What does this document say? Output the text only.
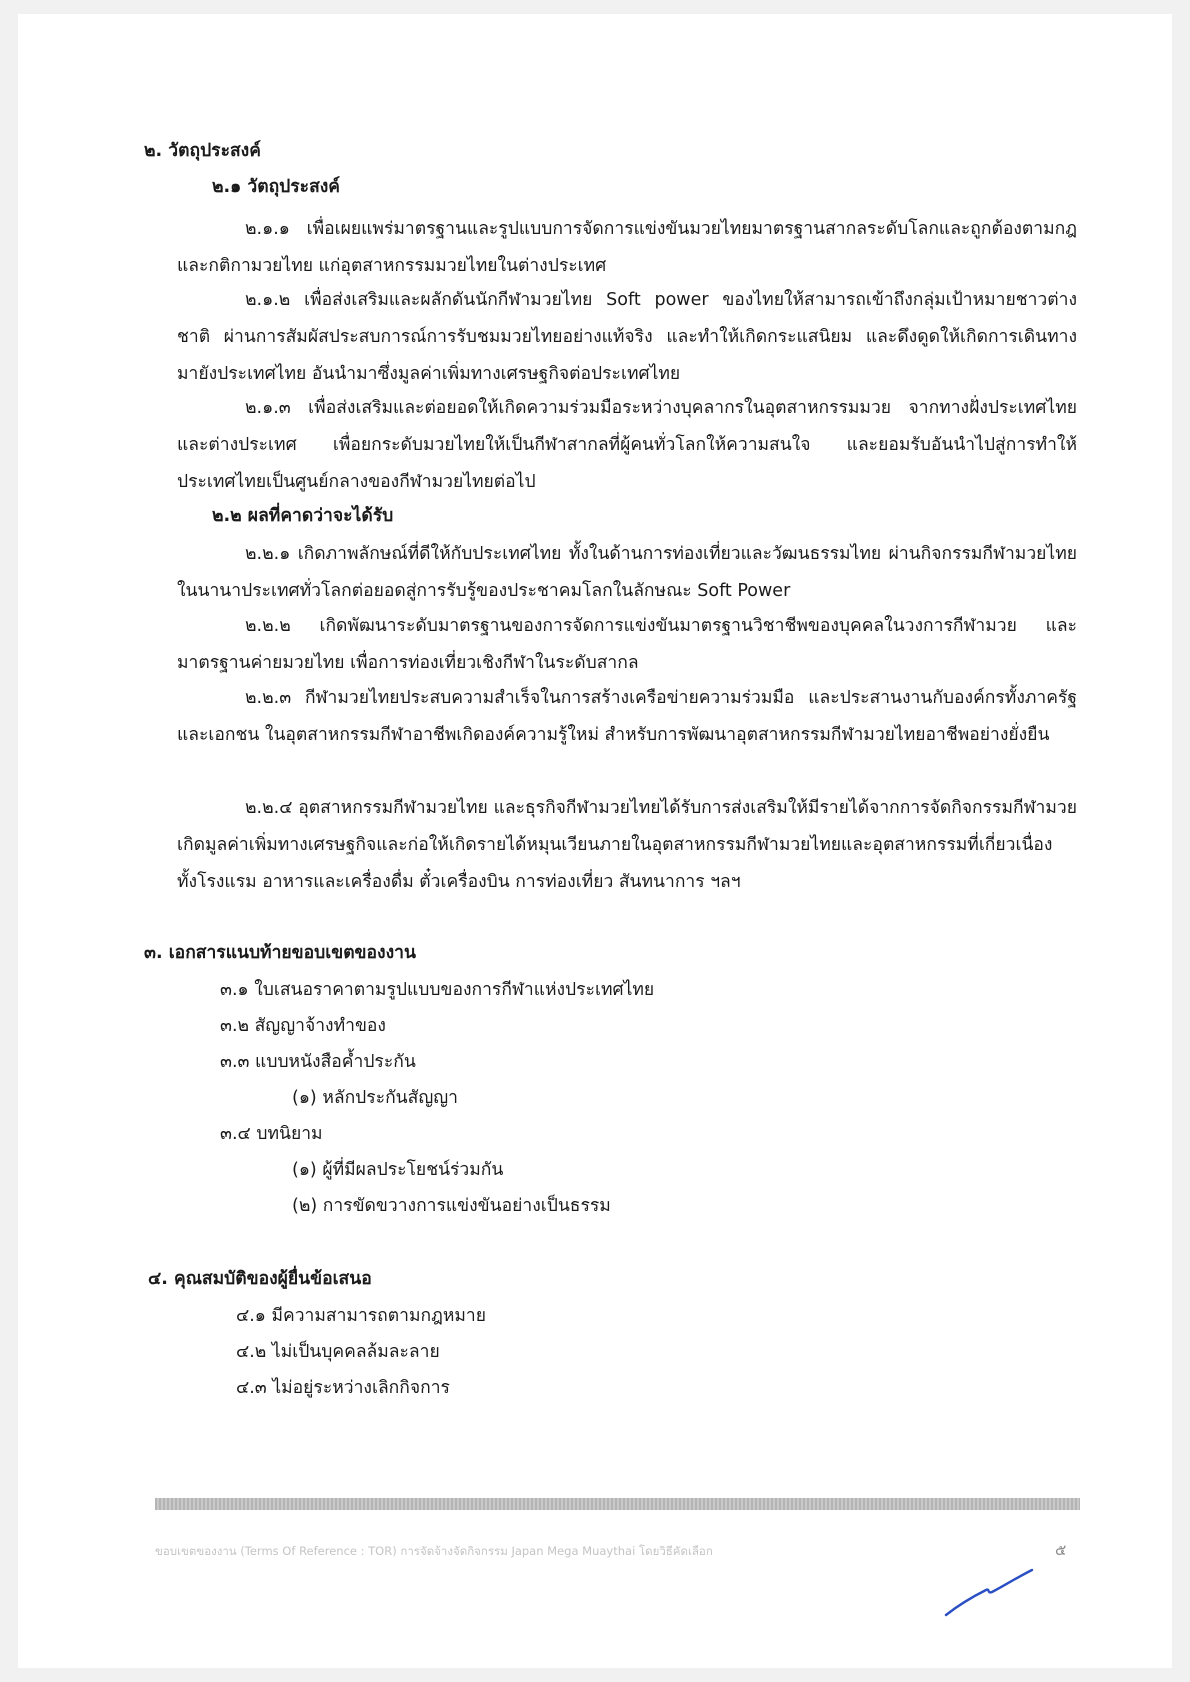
๒. วัตถุประสงค์
๒.๑ วัตถุประสงค์
๒.๑.๑ เพื่อเผยแพร่มาตรฐานและรูปแบบการจัดการแข่งขันมวยไทยมาตรฐานสากลระดับโลกและถูกต้องตามกฎและกติกามวยไทย แก่อุตสาหกรรมมวยไทยในต่างประเทศ
๒.๑.๒ เพื่อส่งเสริมและผลักดันนักกีฬามวยไทย Soft power ของไทยให้สามารถเข้าถึงกลุ่มเป้าหมายชาวต่างชาติ ผ่านการสัมผัสประสบการณ์การรับชมมวยไทยอย่างแท้จริง และทำให้เกิดกระแสนิยม และดึงดูดให้เกิดการเดินทางมายังประเทศไทย อันนำมาซึ่งมูลค่าเพิ่มทางเศรษฐกิจต่อประเทศไทย
๒.๑.๓ เพื่อส่งเสริมและต่อยอดให้เกิดความร่วมมือระหว่างบุคลากรในอุตสาหกรรมมวย จากทางฝั่งประเทศไทย และต่างประเทศ เพื่อยกระดับมวยไทยให้เป็นกีฬาสากลที่ผู้คนทั่วโลกให้ความสนใจ และยอมรับอันนำไปสู่การทำให้ประเทศไทยเป็นศูนย์กลางของกีฬามวยไทยต่อไป
๒.๒ ผลที่คาดว่าจะได้รับ
๒.๒.๑ เกิดภาพลักษณ์ที่ดีให้กับประเทศไทย ทั้งในด้านการท่องเที่ยวและวัฒนธรรมไทย ผ่านกิจกรรมกีฬามวยไทยในนานาประเทศทั่วโลกต่อยอดสู่การรับรู้ของประชาคมโลกในลักษณะ Soft Power
๒.๒.๒ เกิดพัฒนาระดับมาตรฐานของการจัดการแข่งขันมาตรฐานวิชาชีพของบุคคลในวงการกีฬามวย และมาตรฐานค่ายมวยไทย เพื่อการท่องเที่ยวเชิงกีฬาในระดับสากล
๒.๒.๓ กีฬามวยไทยประสบความสำเร็จในการสร้างเครือข่ายความร่วมมือ และประสานงานกับองค์กรทั้งภาครัฐและเอกชน ในอุตสาหกรรมกีฬาอาชีพเกิดองค์ความรู้ใหม่ สำหรับการพัฒนาอุตสาหกรรมกีฬามวยไทยอาชีพอย่างยั่งยืน
๒.๒.๔ อุตสาหกรรมกีฬามวยไทย และธุรกิจกีฬามวยไทยได้รับการส่งเสริมให้มีรายได้จากการจัดกิจกรรมกีฬามวย เกิดมูลค่าเพิ่มทางเศรษฐกิจและก่อให้เกิดรายได้หมุนเวียนภายในอุตสาหกรรมกีฬามวยไทยและอุตสาหกรรมที่เกี่ยวเนื่อง ทั้งโรงแรม อาหารและเครื่องดื่ม ตั๋วเครื่องบิน การท่องเที่ยว สันทนาการ ฯลฯ
๓. เอกสารแนบท้ายขอบเขตของงาน
๓.๑ ใบเสนอราคาตามรูปแบบของการกีฬาแห่งประเทศไทย
๓.๒ สัญญาจ้างทำของ
๓.๓ แบบหนังสือค้ำประกัน
(๑) หลักประกันสัญญา
๓.๔ บทนิยาม
(๑) ผู้ที่มีผลประโยชน์ร่วมกัน
(๒) การขัดขวางการแข่งขันอย่างเป็นธรรม
๔. คุณสมบัติของผู้ยื่นข้อเสนอ
๔.๑ มีความสามารถตามกฎหมาย
๔.๒ ไม่เป็นบุคคลล้มละลาย
๔.๓ ไม่อยู่ระหว่างเลิกกิจการ
ขอบเขตของงาน (Terms Of Reference : TOR) การจัดจ้างจัดกิจกรรม Japan Mega Muaythai โดยวิธีคัดเลือก	๕
